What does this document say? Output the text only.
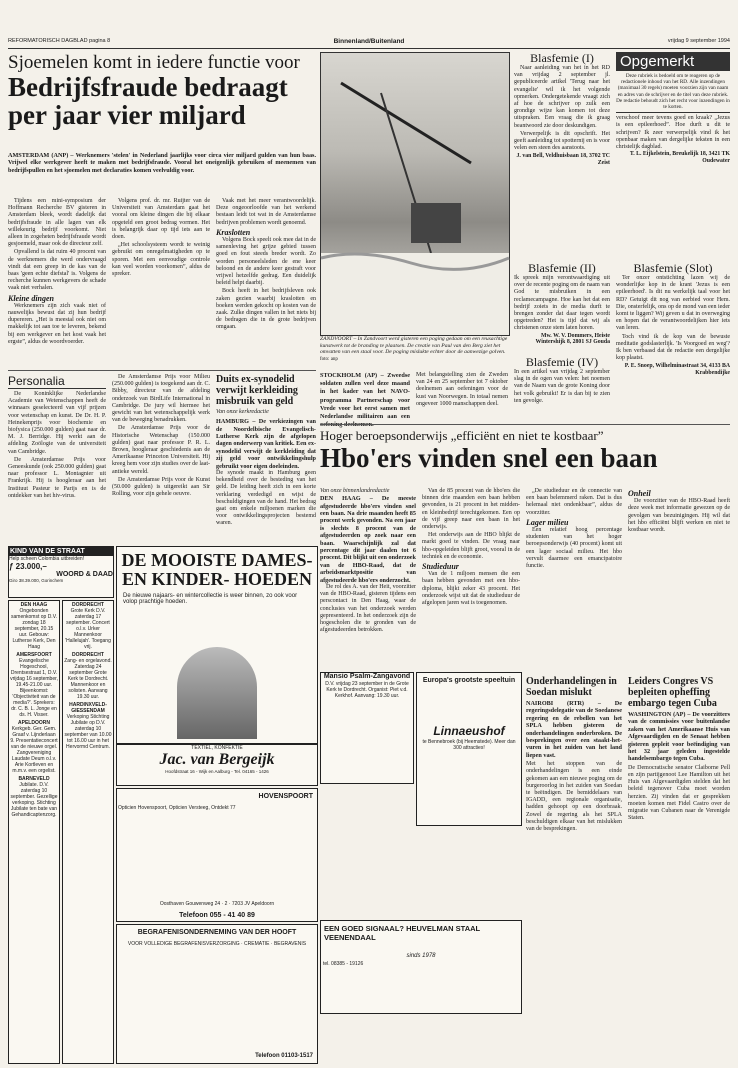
REFORMATORISCH DAGBLAD pagina 8	Binnenland/Buitenland	vrijdag 9 september 1994
Sjoemelen komt in iedere functie voor
Bedrijfsfraude bedraagt per jaar vier miljard
AMSTERDAM (ANP) – Werknemers 'stelen' in Nederland jaarlijks voor circa vier miljard gulden van hun baas. Vrijwel elke werkgever heeft te maken met bedrijfsfraude. Vooral het oneigenlijk gebruiken of meenemen van bedrijfspullen en het sjoemelen met declaraties komen veelvuldig voor.

Tijdens een mini-symposium der Hoffmann Recherche BV gisteren in Amsterdam bleek, wordt dadelijk dat bedrijfsfraude in alle lagen van elk willekeurig bedrijf voorkomt. Niet alleen in zogeheten bedrijfsfraude wordt gesjoemeld, maar ook de directeur zelf.

Opvallend is dat ruim 40 procent van de werknemers die werd ondervraagd vindt dat een greep in de kas van de baas 'geen echte diefstal' is. Volgens de recherche kunnen werkgevers de schade vaak niet verhalen.

Kleine dingen

Werknemers zijn zich vaak niet of nauwelijks bewust dat zij hun bedrijf dupereren. „Het is meestal ook niet om makkelijk tot aan toe te leveren, bekend bij een werkgever en het kost vaak het ergste”, aldus de woordvoerder.

Volgens prof. dr. mr. Ruijter van de Universiteit van Amsterdam gaat het vooral om kleine dingen die bij elkaar opgeteld een groot bedrag vormen. Het is belangrijk daar op tijd iets aan te doen.

„Het schoolsysteem wordt te weinig gebruikt om onregelmatigheden op te sporen. Met een eenvoudige controle kan veel worden voorkomen”, aldus de spreker.

Vaak met het meer verantwoordelijk. Deze ongeoorloofde van het werkend bestaan leidt tot wat in de Amsterdamse bedrijven problemen wordt genoemd.

Kraslotten

Volgens Bock speelt ook mee dat in de samenleving het grijze gebied tussen goed en fout steeds breder wordt. Zo worden personeelsleden de ene keer beloond en de andere keer gestraft voor vrijwel hetzelfde gedrag. Een duidelijk beleid helpt daarbij.

Bock heeft in het bedrijfsleven ook zaken gezien waarbij kraslotten en boeken werden gekocht op kosten van de zaak. Zulke dingen vallen in het niets bij de bedragen die in de grote bedrijven omgaan.

Personalia

De Koninklijke Nederlandse Academie van Wetenschappen heeft de winnaars geselecteerd van vijf prijzen voor wetenschap en kunst. De Dr. H. P. Heinekenprijs voor biochemie en biofysica (250.000 gulden) gaat naar dr. M. J. Berridge. Hij werkt aan de afdeling Zoölogie van de universiteit van Cambridge.

De Amsterdamse Prijs voor Geneeskunde (ook 250.000 gulden) gaat naar professor L. Montagnier uit Frankrijk. Hij is hoogleraar aan het Instituut Pasteur te Parijs en is de ontdekker van het hiv-virus.

De Amsterdamse Prijs voor Milieu (250.000 gulden) is toegekend aan dr. C. Bibby, directeur van de afdeling onderzoek van BirdLife International in Cambridge. De jury wil hiermee het gewicht van het wetenschappelijk werk van de beweging benadrukken.

De Amsterdamse Prijs voor de Historische Wetenschap (150.000 gulden) gaat naar professor P. R. L. Brown, hoogleraar geschiedenis aan de Amerikaanse Princeton Universiteit. Hij kreeg hem voor zijn studies over de laat-antieke wereld.

De Amsterdamse Prijs voor de Kunst (50.000 gulden) is uitgereikt aan Sir Rolling, voor zijn gehele oeuvre.

Duits ex-synodelid verwijt kerkleiding misbruik van geld
Van onze kerkredactie
HAMBURG – De verkiezingen van de Noordelbische Evangelisch-Lutherse Kerk zijn de afgelopen dagen onderwerp van kritiek. Een ex-synodelid verwijt de kerkleiding dat zij geld voor ontwikkelingshulp gebruikt voor eigen doeleinden.
De synode maakt in Hamburg geen bekendheid over de besteding van het geld. De leiding heeft zich in een korte verklaring verdedigd en wijst de beschuldigingen van de hand. Het bedrag gaat om enkele miljoenen marken die voor ontwikkelingsprojecten bestemd waren.
ZANDVOORT – In Zandvoort werd gisteren een poging gedaan om een reusachtige kunstwerk tot de branding te plaatsen. De creatie van Paul van den Berg ziet het omvatten van een staal voor. De poging mislukte echter door de aanwezige golven. foto: anp
STOCKHOLM (AP) – Zweedse soldaten zullen veel deze maand in het kader van het NAVO-programma Partnerschap voor Vrede voor het eerst samen met Nederlandse militairen aan een
Met belangstelling zien de Zweden van 24 en 25 september tot 7 oktober deelnemen aan oefeningen voor de kust van Noorwegen. In totaal nemen ongeveer 1000 manschappen deel.
Blasfemie (I)

Naar aanleiding van het in het RD van vrijdag 2 september jl. gepubliceerde artikel 'Terug naar het evangelie' wil ik het volgende opmerken. Ondergetekende vraagt zich af hoe de schrijver op zulk een grondige wijze kan komen tot deze uitspraken. Een vraag die ik graag beantwoord zie door deskundigen.

Verwerpelijk is dit opschrift. Het geeft aanleiding tot spotternij en is voor velen een steen des aanstoots.

J. van Bell, Veldhuisbaan 18, 3702 TC Zeist
Opgemerkt
Deze rubriek is bedoeld om te reageren op de redactionele inhoud van het RD. Alle inzendingen (maximaal 30 regels) moeten voorzien zijn van naam en adres van de schrijver en de titel van deze rubriek. De redactie behoudt zich het recht voor inzendingen in te korten.
verschoof meer tevens goed en kraak? „Jezus is een epileerhoed”. Hoe durft u dit te schrijven? Ik zeer verwerpelijk vind ik het openbaar maken van dergelijke teksten in een christelijk dagblad.
T. L. Eijkelstein, Breukelijk 18, 3421 TK Oudewater
Blasfemie (II)
Ik spreek mijn verontwaardiging uit over de recente poging om de naam van God te misbruiken in een reclamecampagne. Hoe kan het dat een bedrijf zoiets in de media durft te brengen zonder dat daar tegen wordt opgetreden? Het is tijd dat wij als christenen onze stem laten horen.
Mw. W. V. Dommers, Heiste Wintershijk 8, 2801 SJ Gouda
Blasfemie (IV)
In een artikel van vrijdag 2 september slag in de ogen van velen: het noemen van de Naam van de grote Koning door het volk gebruikt! Er is dan bij te zien ten gevolge.
Blasfemie (Slot)

Ter onzer ontstichting lazen wij de wonderlijke kop in de krant 'Jezus is een epileerhoed'. Is dit nu werkelijk taal voor het RD? Getuigt dit nog van eerbied voor Hem. Die, onsterfelijk, ons op de mond van een ieder komt te liggen? Wij geven u dat in overweging en hopen dat de verantwoordelijken hier iets van leren.

Toch vind ik de kop van de bewuste meditatie godslasterlijk. 'Is Voorgoed en weg'? Ik ben verbaasd dat de redactie een dergelijke kop plaatst.

P. E. Snoep, Wilhelminastraat 34, 4133 BA Krabbendijke
Hoger beroepsonderwijs „efficiënt en niet te kostbaar”
Hbo'ers vinden snel een baan
Van onze binnenlandredactie
DEN HAAG – De meeste afgestudeerde hbo'ers vinden snel een baan. Na drie maanden heeft 85 procent werk gevonden. Na een jaar is slechts 8 procent van de afgestudeerden op zoek naar een baan. Waarschijnlijk zal dat percentage dit jaar daalen tot 6 procent. Dit blijkt uit een onderzoek van de HBO-Raad, dat de arbeidsmarktpositie van afgestudeerde hbo'ers onderzocht.

De rol des A. van der Heit, voorzitter van de HBO-Raad, gisteren tijdens een perscontact in Den Haag, waar de conclusies van het onderzoek werden gepresenteerd. In het onderzoek zijn de hogescholen die te gronden van de afgestudeerden betrokken.

Van de 85 procent van de hbo'ers die binnen drie maanden een baan hebben gevonden, is 21 procent in het midden- en kleinbedrijf terechtgekomen. Een op de vijf greep naar een baan in het onderwijs.

Het onderwijs aan de HBO blijkt de markt goed te vinden. De vraag naar hbo-opgeleiden blijft groot, vooral in de techniek en de economie.

Studieduur

Van de 1 miljoen mensen die een baan hebben gevonden met een hbo-diploma, blijkt zeker 43 procent. Het onderzoek wijst uit dat de studieduur de afgelopen jaren wat is toegenomen.

„De studieduur en de connectie van een baan belemmerd raken. Dat is dus helemaal niet ondenkbaar”, aldus de voorzitter.

Lager milieu

Een relatief hoog percentage studenten van het hoger beroepsonderwijs (40 procent) komt uit een lager sociaal milieu. Het hbo vervult daarmee een emancipatoire functie.

Onheil

De voorzitter van de HBO-Raad heeft deze week met informatie gewezen op de gevolgen van bezuinigingen. Hij wil dat het hbo efficiënt blijft werken en niet te kostbaar wordt.

Onderhandelingen in Soedan mislukt
NAIROBI (RTR) – De regeringsdelegatie van de Soedanese regering en de rebellen van het SPLA hebben gisteren de onderhandelingen onderbroken. De besprekingen over een staakt-het-vuren in het zuiden van het land liepen vast.
Met het stoppen van de onderhandelingen is een einde gekomen aan een nieuwe poging om de burgeroorlog in het zuiden van Soedan te beëindigen. De bemiddelaars van IGADD, een regionale organisatie, hadden gehoopt op een doorbraak. Zowel de regering als het SPLA beschuldigen elkaar van het mislukken van de besprekingen.
Leiders Congres VS bepleiten opheffing embargo tegen Cuba
WASHINGTON (AP) – De voorzitters van de commissies voor buitenlandse zaken van het Amerikaanse Huis van Afgevaardigden en de Senaat hebben gisteren gepleit voor beëindiging van het 32 jaar geleden ingestelde handelsembargo tegen Cuba.
De Democratische senator Claiborne Pell en zijn partijgenoot Lee Hamilton uit het Huis van Afgevaardigden stelden dat het beleid tegenover Cuba moet worden herzien. Zij vinden dat er gesprekken moeten komen met Fidel Castro over de migratie van Cubanen naar de Verenigde Staten.
KIND VAN DE STRAAT
Help scheen Colombia uitbreiden!
ƒ 23.000,–
WOORD & DAAD
Giro 38.39.000, Gorinchem
DEN HAAG
Ongebonden samenkomst op D.V. zondag 18 september, 20.15 uur. Gebouw: Lutherse Kerk, Den Haag
AMERSFOORT
Evangelische Hogeschool, Drentsestraat 1, D.V. vrijdag 16 september, 19.45-21.00 uur. Bijeenkomst: 'Objectiviteit van de media?'. Sprekers: dr. C. B. L. Jonge en ds. H. Visser.
APELDOORN
Kerkgeb. Ger. Gem. Graaf v. Lijnderlaan 9. Presentatieconcert van de nieuwe orgel. Zangvereniging Laudate Deum o.l.v. Arie Kortleven en m.m.v. een orgelist.
BARNEVELD
Jubilate. D.V. zaterdag 10 september. Gezellige verkoping. Stichting Jubilate ten bate van Gehandicaptenzorg.
DORDRECHT
Grote Kerk D.V. zaterdag 17 september. Concert o.l.v. Urker Mannenkoor 'Hallelujah'. Toegang vrij.
DORDRECHT
Zang- en orgelavond. Zaterdag 24 september Grote Kerk te Dordrecht. Mannenkoor en solisten. Aanvang 19.30 uur.
HARDINXVELD-GIESSENDAM
Verkoping Stichting Jubilate op D.V. zaterdag 10 september van 10.00 tot 16.00 uur in het Hervormd Centrum.
DE MOOISTE DAMES- EN KINDER- HOEDEN
De nieuwe najaars- en wintercollectie is weer binnen, zo ook voor volop prachtige hoeden.
TEXTIEL, KONFEKTIE
Jac. van Bergeijk
Hoofdstraat 16 - Wijk en Aalburg - Tel. 04165 - 1426
Mansio Psalm-Zangavond
D.V. vrijdag 23 september in de Grote Kerk te Dordrecht. Organist: Piet v.d. Kerkhof. Aanvang: 19.30 uur.
Europa's grootste speeltuin
Linnaeushof
te Bennebroek (bij Heemstede). Meer dan 300 attracties!
HOVENSPOORT
Opticien Hovenspoort, Opticien Versteeg, Ontdekt 77
Oosthaven Gouwenweg 24 · 2 · 7203 JV Apeldoorn
Telefoon 055 - 41 40 89
EEN GOED SIGNAAL? HEUVELMAN STAAL VEENENDAAL
sinds 1978
tel. 08385 - 19126
BEGRAFENISONDERNEMING VAN DER HOOFT
VOOR VOLLEDIGE BEGRAFENISVERZORGING · CREMATIE · BEGRAVENIS
Telefoon 01103-1517
